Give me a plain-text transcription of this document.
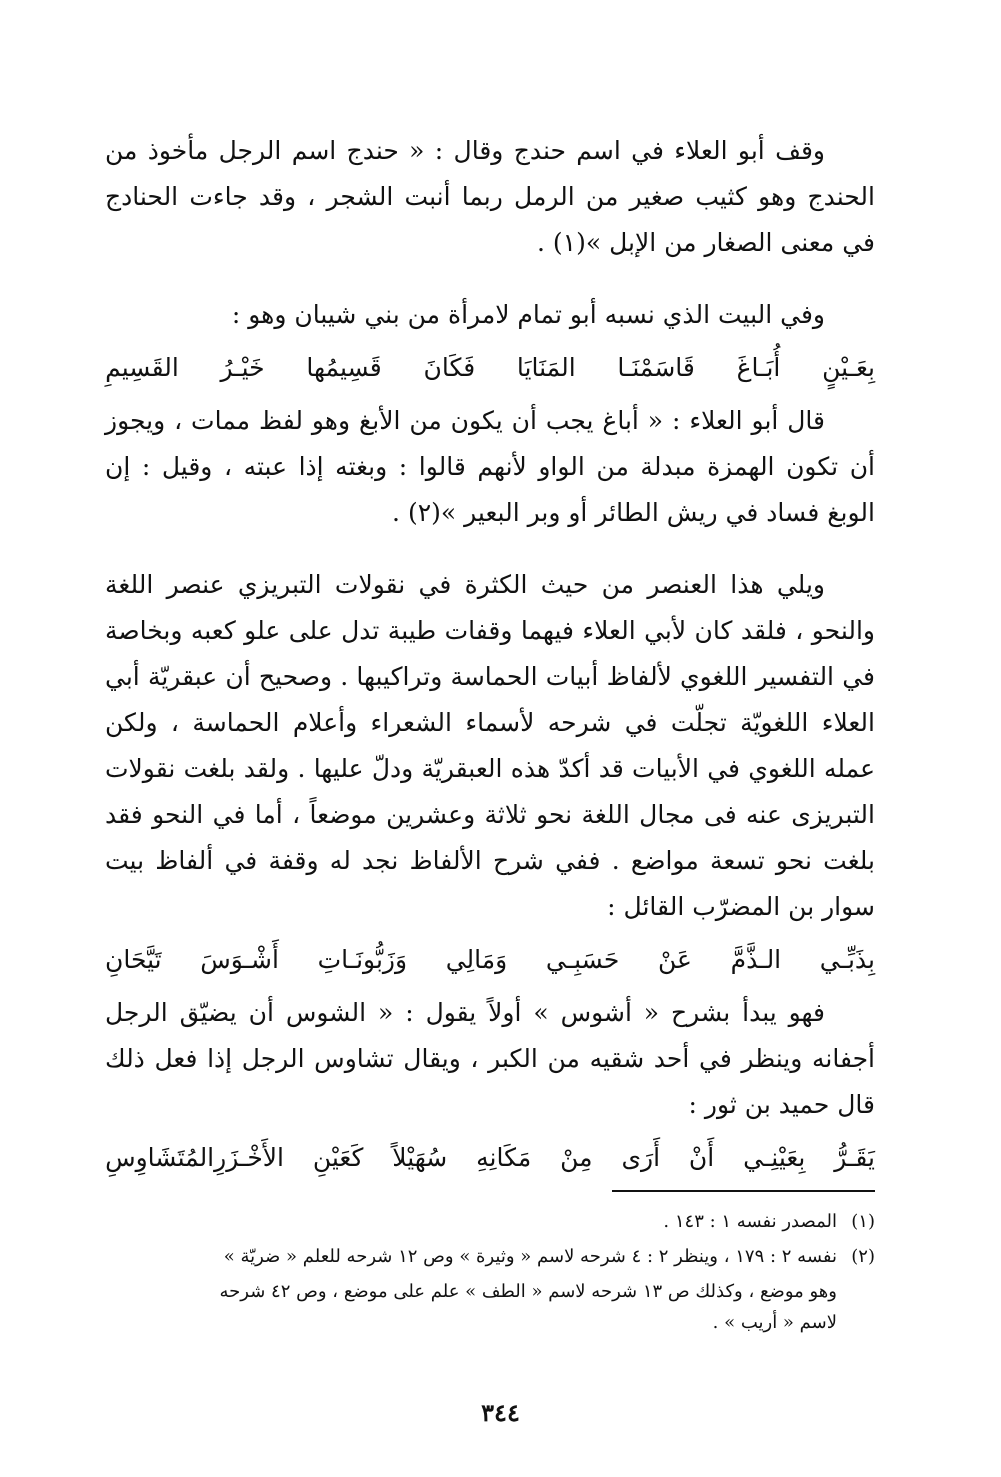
وقف أبو العلاء في اسم حندج وقال : « حندج اسم الرجل مأخوذ من الحندج وهو كثيب صغير من الرمل ربما أنبت الشجر ، وقد جاءت الحنادج في معنى الصغار من الإبل »(١) .

وفي البيت الذي نسبه أبو تمام لامرأة من بني شيبان وهو :

بِعَـيْنٍ
أُبَـاغَ
قَاسَمْنَـا
المَنَايَا
فَكَانَ
قَسِيمُها
خَيْـرُ
القَسِيمِ

قال أبو العلاء : « أباغ يجب أن يكون من الأبغ وهو لفظ ممات ، ويجوز أن تكون الهمزة مبدلة من الواو لأنهم قالوا : وبغته إذا عبته ، وقيل : إن الوبغ فساد في ريش الطائر أو وبر البعير »(٢) .

ويلي هذا العنصر من حيث الكثرة في نقولات التبريزي عنصر اللغة والنحو ، فلقد كان لأبي العلاء فيهما وقفات طيبة تدل على علو كعبه وبخاصة في التفسير اللغوي لألفاظ أبيات الحماسة وتراكيبها . وصحيح أن عبقريّة أبي العلاء اللغويّة تجلّت في شرحه لأسماء الشعراء وأعلام الحماسة ، ولكن عمله اللغوي في الأبيات قد أكدّ هذه العبقريّة ودلّ عليها . ولقد بلغت نقولات التبريزى عنه فى مجال اللغة نحو ثلاثة وعشرين موضعاً ، أما في النحو فقد بلغت نحو تسعة مواضع . ففي شرح الألفاظ نجد له وقفة في ألفاظ بيت سوار بن المضرّب القائل :

بِذَبِّـي
الـذَّمَّ
عَنْ
حَسَبِـي
وَمَالِي
وَزَبُّونَـاتِ
أَشْـوَسَ
تَيَّحَانِ

فهو يبدأ بشرح « أشوس » أولاً يقول : « الشوس أن يضيّق الرجل أجفانه وينظر في أحد شقيه من الكبر ، ويقال تشاوس الرجل إذا فعل ذلك قال حميد بن ثور :

يَقَـرُّ
بِعَيْنِـي
أَنْ
أَرَى
مِنْ
مَكَانِهِ
سُهَيْلاً
كَعَيْنِ
الأَخْـزَرِالمُتَشَاوِسِ

(١)المصدر نفسه ١ : ١٤٣ .

(٢)نفسه ٢ : ١٧٩ ، وينظر ٢ : ٤ شرحه لاسم « وثيرة » وص ١٢ شرحه للعلم « ضريّة »

وهو موضع ، وكذلك ص ١٣ شرحه لاسم « الطف » علم على موضع ، وص ٤٢ شرحه

لاسم « أريب » .

٣٤٤
